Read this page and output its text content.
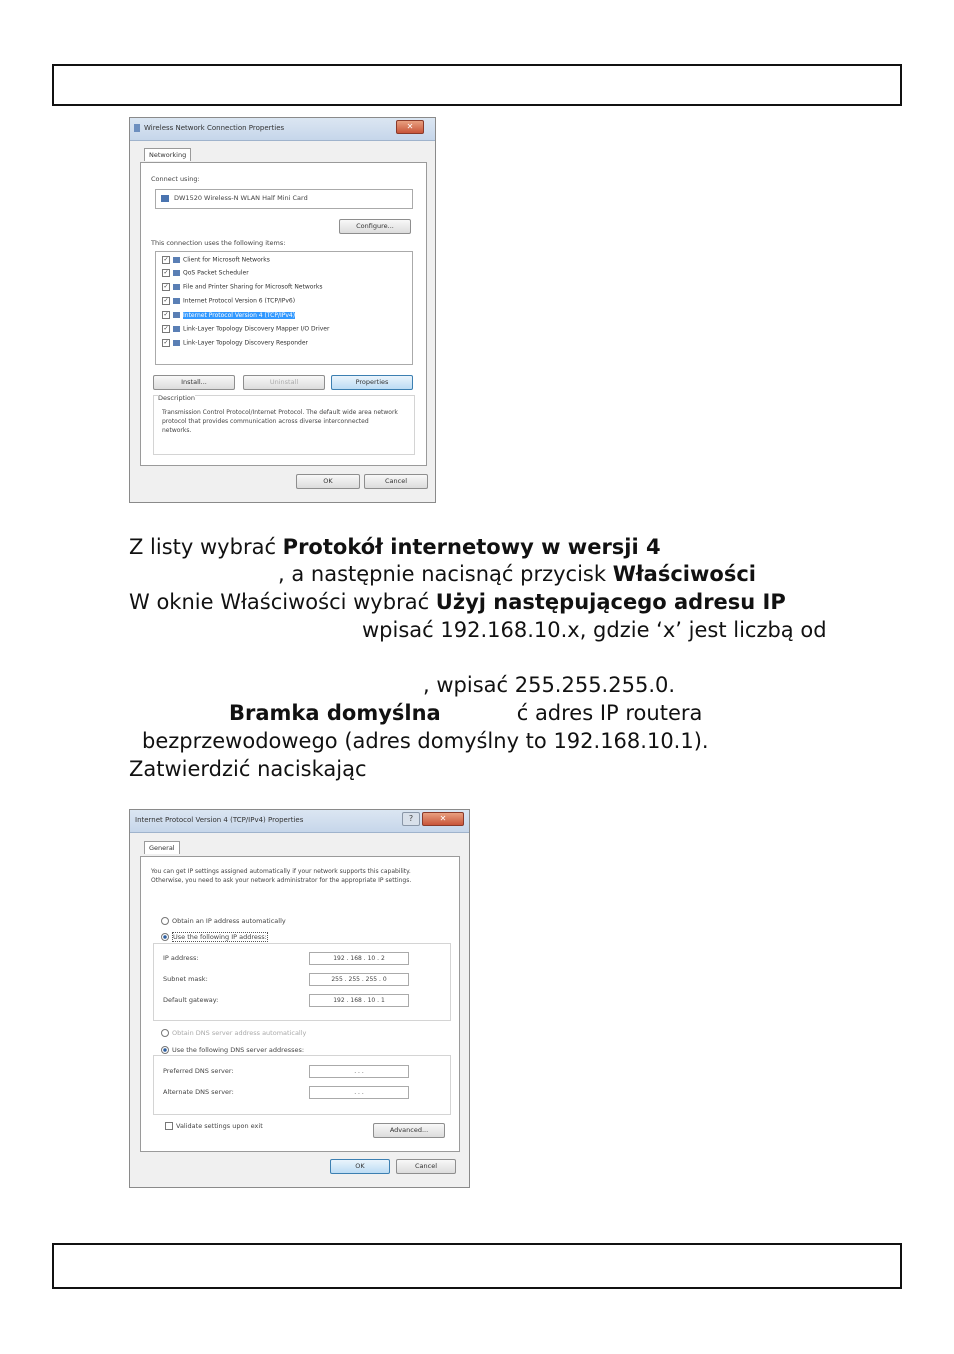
Wireless Network Connection Properties	✕
Networking
Connect using:
DW1520 Wireless-N WLAN Half Mini Card
Configure...
This connection uses the following items:
✓ Client for Microsoft Networks
✓ QoS Packet Scheduler
✓ File and Printer Sharing for Microsoft Networks
✓ Internet Protocol Version 6 (TCP/IPv6)
✓ Internet Protocol Version 4 (TCP/IPv4)
✓ Link-Layer Topology Discovery Mapper I/O Driver
✓ Link-Layer Topology Discovery Responder
Install...	Uninstall	Properties
Description
Transmission Control Protocol/Internet Protocol. The default wide area network protocol that provides communication across diverse interconnected networks.
OK	Cancel
Z listy wybrać Protokół internetowy w wersji 4
, a następnie nacisnąć przycisk Właściwości
W oknie Właściwości wybrać Użyj następującego adresu IP
wpisać 192.168.10.x, gdzie ‘x’ jest liczbą od
, wpisać 255.255.255.0.
Bramka domyślna	ć adres IP routera
bezprzewodowego (adres domyślny to 192.168.10.1).
Zatwierdzić naciskając
Internet Protocol Version 4 (TCP/IPv4) Properties	?	✕
General
You can get IP settings assigned automatically if your network supports this capability. Otherwise, you need to ask your network administrator for the appropriate IP settings.
Obtain an IP address automatically
Use the following IP address:
IP address:	192 . 168 . 10 . 2
Subnet mask:	255 . 255 . 255 . 0
Default gateway:	192 . 168 . 10 . 1
Obtain DNS server address automatically
Use the following DNS server addresses:
Preferred DNS server:	. . .
Alternate DNS server:	. . .
Validate settings upon exit	Advanced...
OK	Cancel
